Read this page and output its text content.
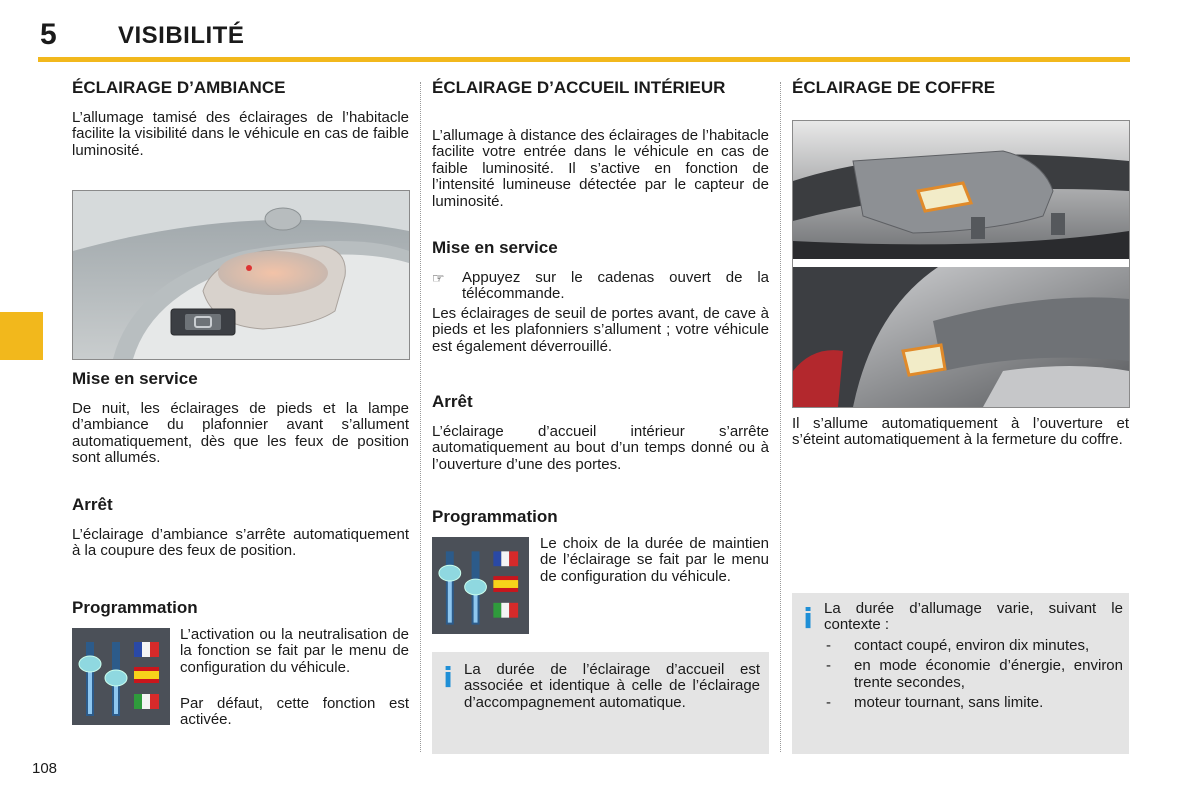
5	VISIBILITÉ
108
ÉCLAIRAGE D’AMBIANCE

L’allumage tamisé des éclairages de l’habitacle facilite la visibilité dans le véhicule en cas de faible luminosité.

Mise en service

De nuit, les éclairages de pieds et la lampe d’ambiance du plafonnier avant s’allument automatiquement, dès que les feux de position sont allumés.

Arrêt

L’éclairage d’ambiance s’arrête automatiquement à la coupure des feux de position.

Programmation

L’activation ou la neutralisation de la fonction se fait par le menu de configuration du véhicule.

Par défaut, cette fonction est activée.

ÉCLAIRAGE D’ACCUEIL INTÉRIEUR

L’allumage à distance des éclairages de l’habitacle facilite votre entrée dans le véhicule en cas de faible luminosité. Il s’active en fonction de l’intensité lumineuse détectée par le capteur de luminosité.

Mise en service
☞ Appuyez sur le cadenas ouvert de la télécommande.

Les éclairages de seuil de portes avant, de cave à pieds et les plafonniers s’allument ; votre véhicule est également déverrouillé.

Arrêt

L’éclairage d’accueil intérieur s’arrête automatiquement au bout d’un temps donné ou à l’ouverture d’une des portes.

Programmation

Le choix de la durée de maintien de l’éclairage se fait par le menu de configuration du véhicule.

i La durée de l’éclairage d’accueil est associée et identique à celle de l’éclairage d’accompagnement automatique.
ÉCLAIRAGE DE COFFRE

Il s’allume automatiquement à l’ouverture et s’éteint automatiquement à la fermeture du coffre.

i La durée d’allumage varie, suivant le contexte :
- contact coupé, environ dix minutes,
- en mode économie d’énergie, environ trente secondes,
- moteur tournant, sans limite.
